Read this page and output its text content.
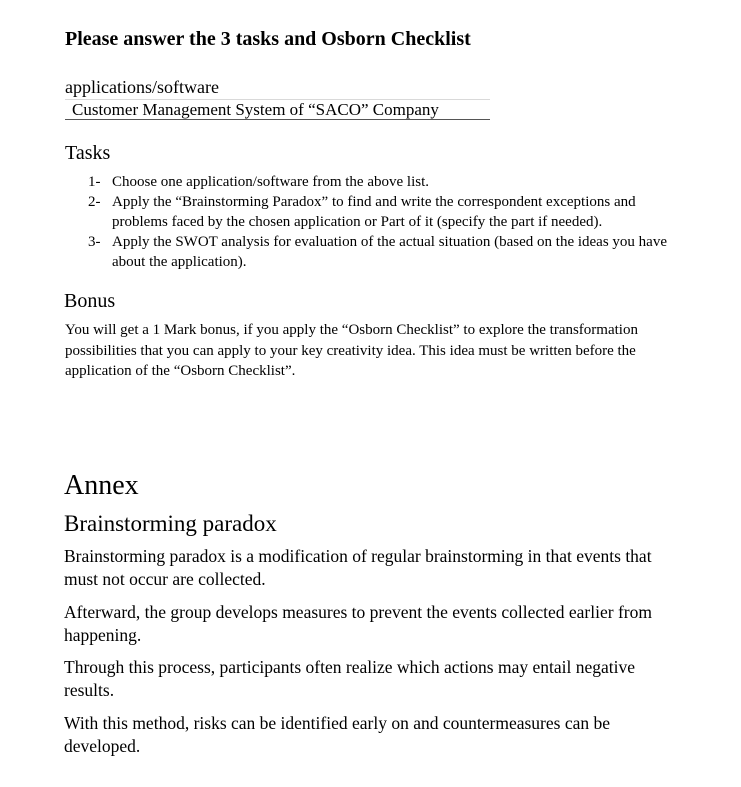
Please answer the 3 tasks and Osborn Checklist
applications/software
Customer Management System of “SACO” Company
Tasks
1- Choose one application/software from the above list.
2- Apply the “Brainstorming Paradox” to find and write the correspondent exceptions and problems faced by the chosen application or Part of it (specify the part if needed).
3- Apply the SWOT analysis for evaluation of the actual situation (based on the ideas you have about the application).
Bonus
You will get a 1 Mark bonus, if you apply the “Osborn Checklist” to explore the transformation possibilities that you can apply to your key creativity idea. This idea must be written before the application of the “Osborn Checklist”.
Annex
Brainstorming paradox
Brainstorming paradox is a modification of regular brainstorming in that events that must not occur are collected.
Afterward, the group develops measures to prevent the events collected earlier from happening.
Through this process, participants often realize which actions may entail negative results.
With this method, risks can be identified early on and countermeasures can be developed.
